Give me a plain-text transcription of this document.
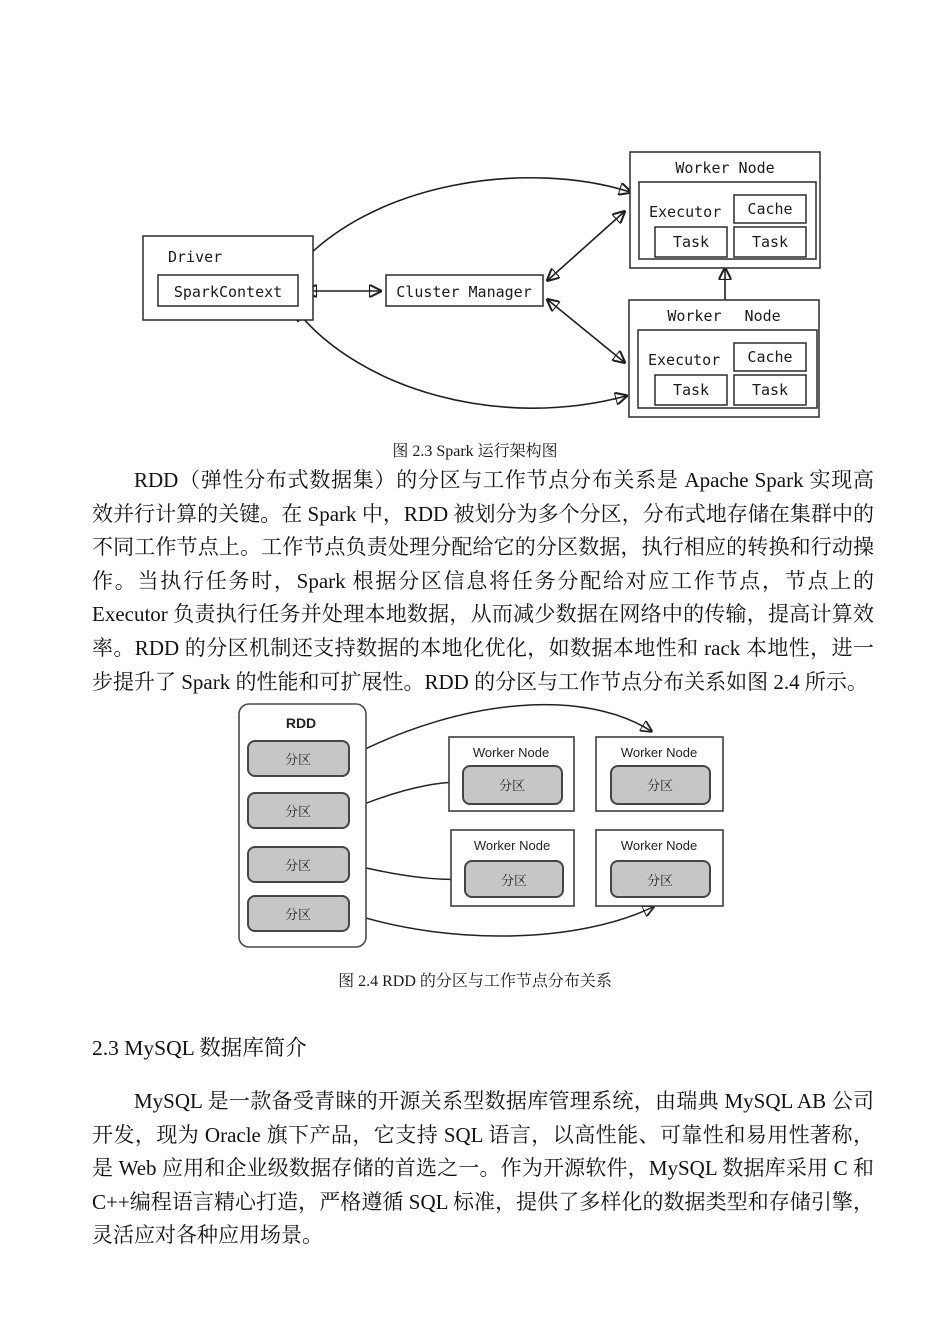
Driver
SparkContext	Cluster Manager
Worker Node
Executor Cache
Task	Task
Worker Node
Executor Cache
Task	Task
图 2.3 Spark 运行架构图
RDD（弹性分布式数据集）的分区与工作节点分布关系是 Apache Spark 实现高效并行计算的关键。在 Spark 中，RDD 被划分为多个分区，分布式地存储在集群中的不同工作节点上。工作节点负责处理分配给它的分区数据，执行相应的转换和行动操作。当执行任务时，Spark 根据分区信息将任务分配给对应工作节点，节点上的 Executor 负责执行任务并处理本地数据，从而减少数据在网络中的传输，提高计算效率。RDD 的分区机制还支持数据的本地化优化，如数据本地性和 rack 本地性，进一步提升了 Spark 的性能和可扩展性。RDD 的分区与工作节点分布关系如图 2.4 所示。
RDD
分区
分区
分区
分区
Worker Node
分区
Worker Node
分区
Worker Node
分区
Worker Node
分区
图 2.4 RDD 的分区与工作节点分布关系
2.3 MySQL 数据库简介
MySQL 是一款备受青睐的开源关系型数据库管理系统，由瑞典 MySQL AB 公司开发，现为 Oracle 旗下产品，它支持 SQL 语言，以高性能、可靠性和易用性著称，是 Web 应用和企业级数据存储的首选之一。作为开源软件，MySQL 数据库采用 C 和 C++编程语言精心打造，严格遵循 SQL 标准，提供了多样化的数据类型和存储引擎，灵活应对各种应用场景。
